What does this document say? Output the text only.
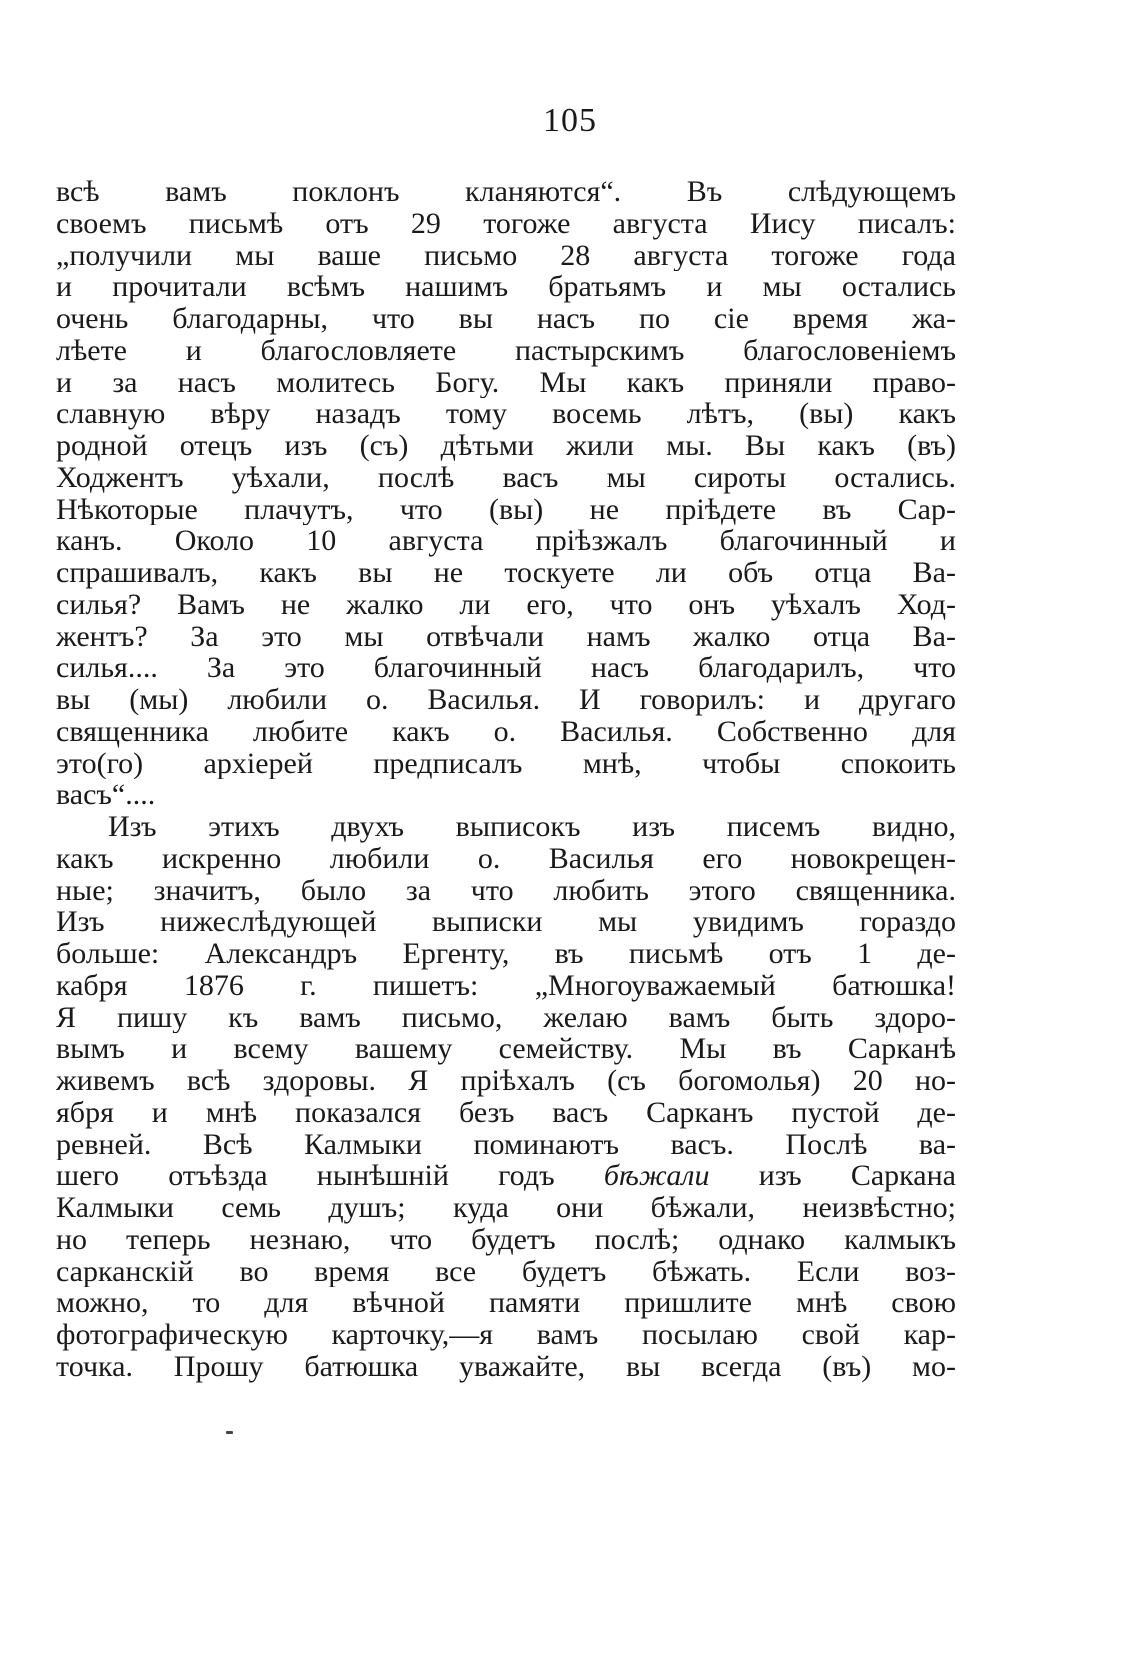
105
всѣ вамъ поклонъ кланяются“. Въ слѣдующемъ
своемъ письмѣ отъ 29 тогоже августа Иису писалъ:
„получили мы ваше письмо 28 августа тогоже года
и прочитали всѣмъ нашимъ братьямъ и мы остались
очень благодарны, что вы насъ по сіе время жа-
лѣете и благословляете пастырскимъ благословеніемъ
и за насъ молитесь Богу. Мы какъ приняли право-
славную вѣру назадъ тому восемь лѣтъ, (вы) какъ
родной отецъ изъ (съ) дѣтьми жили мы. Вы какъ (въ)
Ходжентъ уѣхали, послѣ васъ мы сироты остались.
Нѣкоторые плачутъ, что (вы) не пріѣдете въ Сар-
канъ. Около 10 августа пріѣзжалъ благочинный и
спрашивалъ, какъ вы не тоскуете ли объ отца Ва-
силья? Вамъ не жалко ли его, что онъ уѣхалъ Ход-
жентъ? За это мы отвѣчали намъ жалко отца Ва-
силья.... За это благочинный насъ благодарилъ, что
вы (мы) любили о. Василья. И говорилъ: и другаго
священника любите какъ о. Василья. Собственно для
это(го) архіерей предписалъ мнѣ, чтобы спокоить
васъ“....
Изъ этихъ двухъ выписокъ изъ писемъ видно,
какъ искренно любили о. Василья его новокрещен-
ные; значитъ, было за что любить этого священника.
Изъ нижеслѣдующей выписки мы увидимъ гораздо
больше: Александръ Ергенту, въ письмѣ отъ 1 де-
кабря 1876 г. пишетъ: „Многоуважаемый батюшка!
Я пишу къ вамъ письмо, желаю вамъ быть здоро-
вымъ и всему вашему семейству. Мы въ Сарканѣ
живемъ всѣ здоровы. Я пріѣхалъ (съ богомолья) 20 но-
ября и мнѣ показался безъ васъ Сарканъ пустой де-
ревней. Всѣ Калмыки поминаютъ васъ. Послѣ ва-
шего отъѣзда нынѣшній годъ бѣжали изъ Саркана
Калмыки семь душъ; куда они бѣжали, неизвѣстно;
но теперь незнаю, что будетъ послѣ; однако калмыкъ
сарканскій во время все будетъ бѣжать. Если воз-
можно, то для вѣчной памяти пришлите мнѣ свою
фотографическую карточку,—я вамъ посылаю свой кар-
точка. Прошу батюшка уважайте, вы всегда (въ) мо-
